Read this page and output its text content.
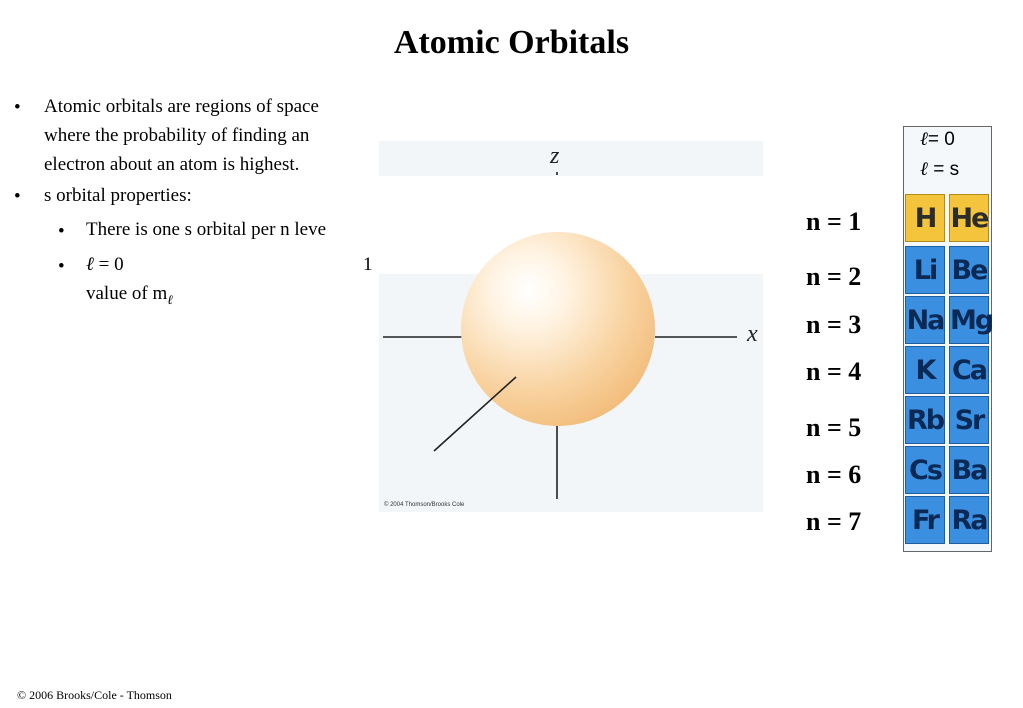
Atomic Orbitals
• Atomic orbitals are regions of space
where the probability of finding an
electron about an atom is highest.
• s orbital properties:
• There is one s orbital per n leve
• ℓ = 0	1
value of $m_\ell$
z
x
© 2004 Thomson/Brooks Cole
n = 1
n = 2
n = 3
n = 4
n = 5
n = 6
n = 7
ℓ= 0
ℓ = s
H He
Li Be
Na Mg
K Ca
Rb Sr
Cs Ba
Fr Ra
© 2006 Brooks/Cole - Thomson
